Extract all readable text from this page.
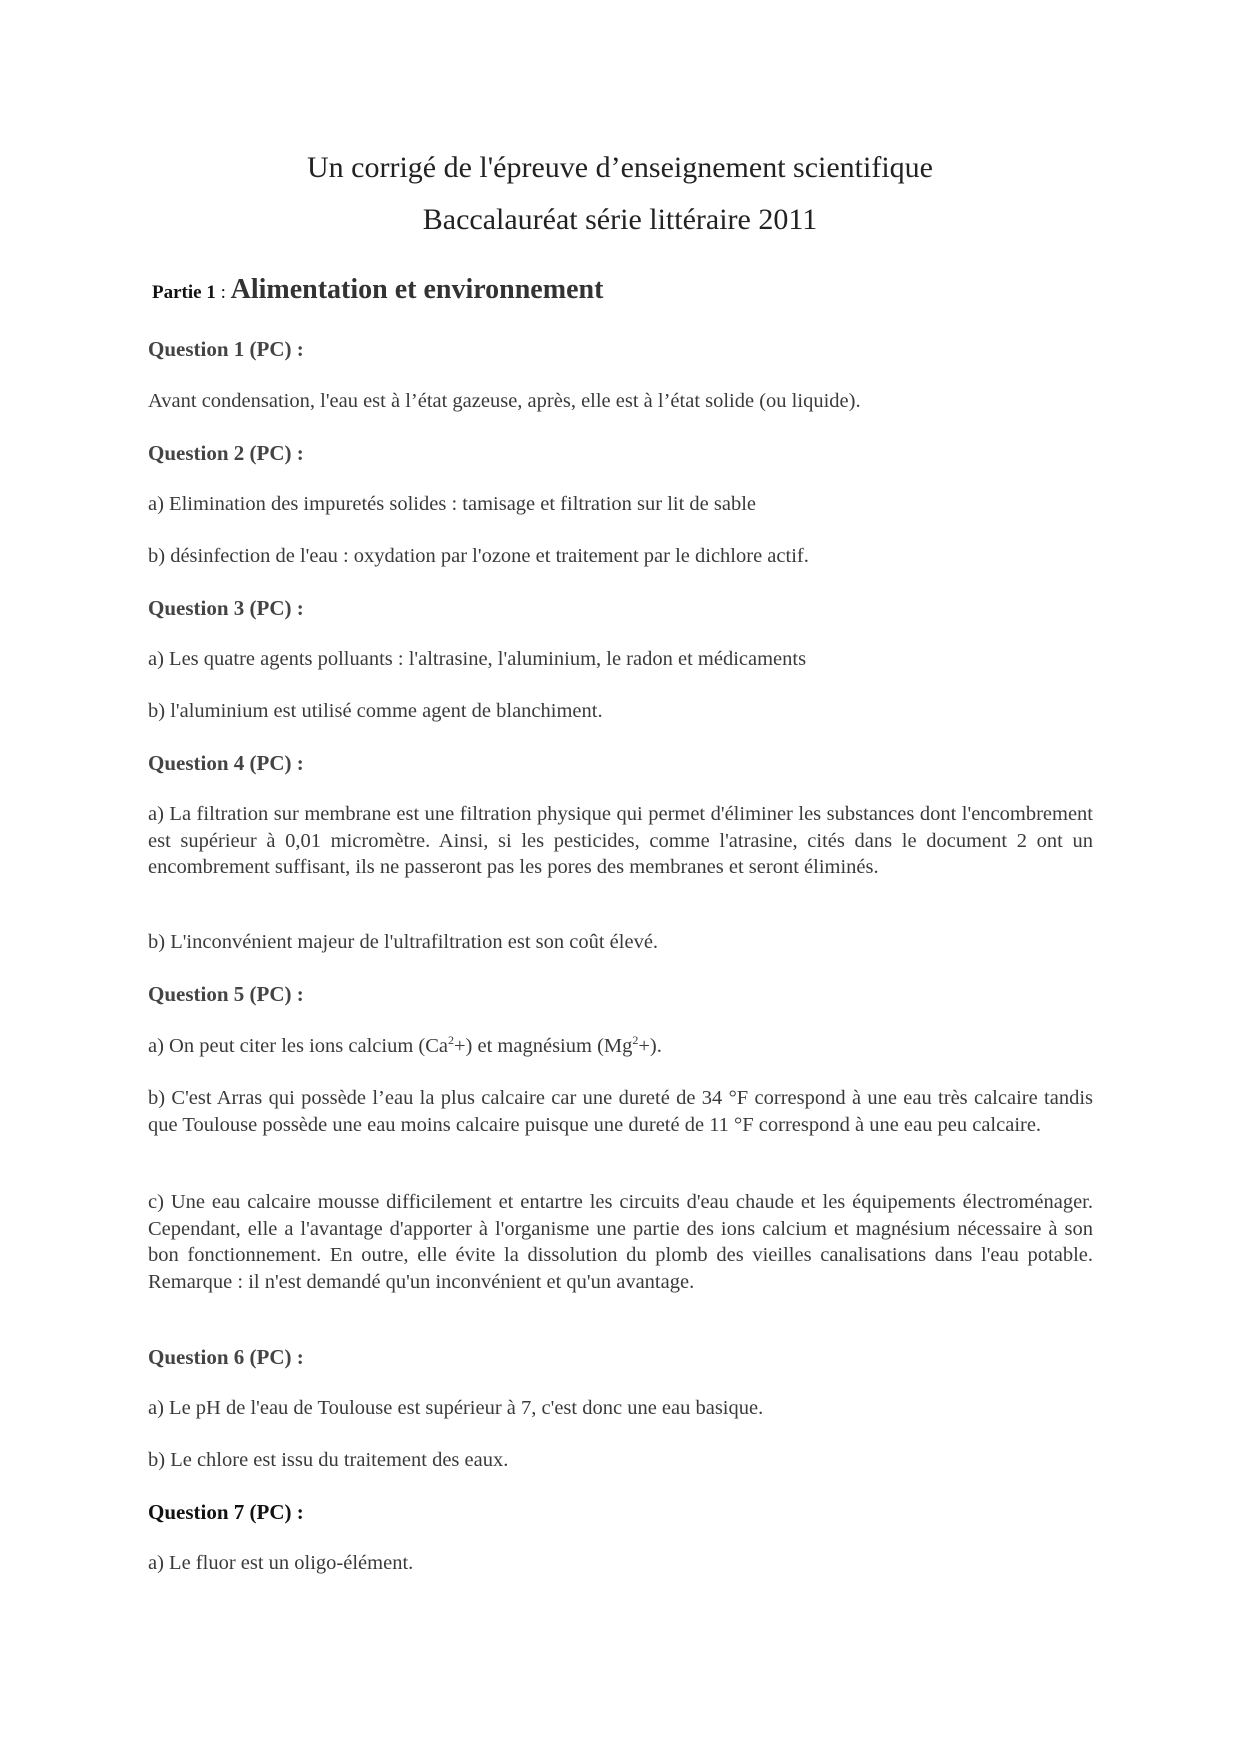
Un corrigé de l'épreuve d’enseignement scientifique
Baccalauréat série littéraire 2011
Partie 1 : Alimentation et environnement
Question 1 (PC) :

Avant condensation, l'eau est à l’état gazeuse, après, elle est à l’état solide (ou liquide).

Question 2 (PC) :

a) Elimination des impuretés solides : tamisage et filtration sur lit de sable

b) désinfection de l'eau : oxydation par l'ozone et traitement par le dichlore actif.

Question 3 (PC) :

a) Les quatre agents polluants : l'altrasine, l'aluminium, le radon et médicaments

b) l'aluminium est utilisé comme agent de blanchiment.

Question 4 (PC) :

a) La filtration sur membrane est une filtration physique qui permet d'éliminer les substances dont l'encombrement est supérieur à 0,01 micromètre. Ainsi, si les pesticides, comme l'atrasine, cités dans le document 2 ont un encombrement suffisant, ils ne passeront pas les pores des membranes et seront éliminés.

b) L'inconvénient majeur de l'ultrafiltration est son coût élevé.

Question 5 (PC) :

a) On peut citer les ions calcium $(Ca^2+)$ et magnésium $(Mg^2+)$.

b) C'est Arras qui possède l’eau la plus calcaire car une dureté de 34 °F correspond à une eau très calcaire tandis que Toulouse possède une eau moins calcaire puisque une dureté de 11 °F correspond à une eau peu calcaire.

c) Une eau calcaire mousse difficilement et entartre les circuits d'eau chaude et les équipements électroménager. Cependant, elle a l'avantage d'apporter à l'organisme une partie des ions calcium et magnésium nécessaire à son bon fonctionnement. En outre, elle évite la dissolution du plomb des vieilles canalisations dans l'eau potable. Remarque : il n'est demandé qu'un inconvénient et qu'un avantage.

Question 6 (PC) :

a) Le pH de l'eau de Toulouse est supérieur à 7, c'est donc une eau basique.

b) Le chlore est issu du traitement des eaux.

Question 7 (PC) :

a) Le fluor est un oligo-élément.
